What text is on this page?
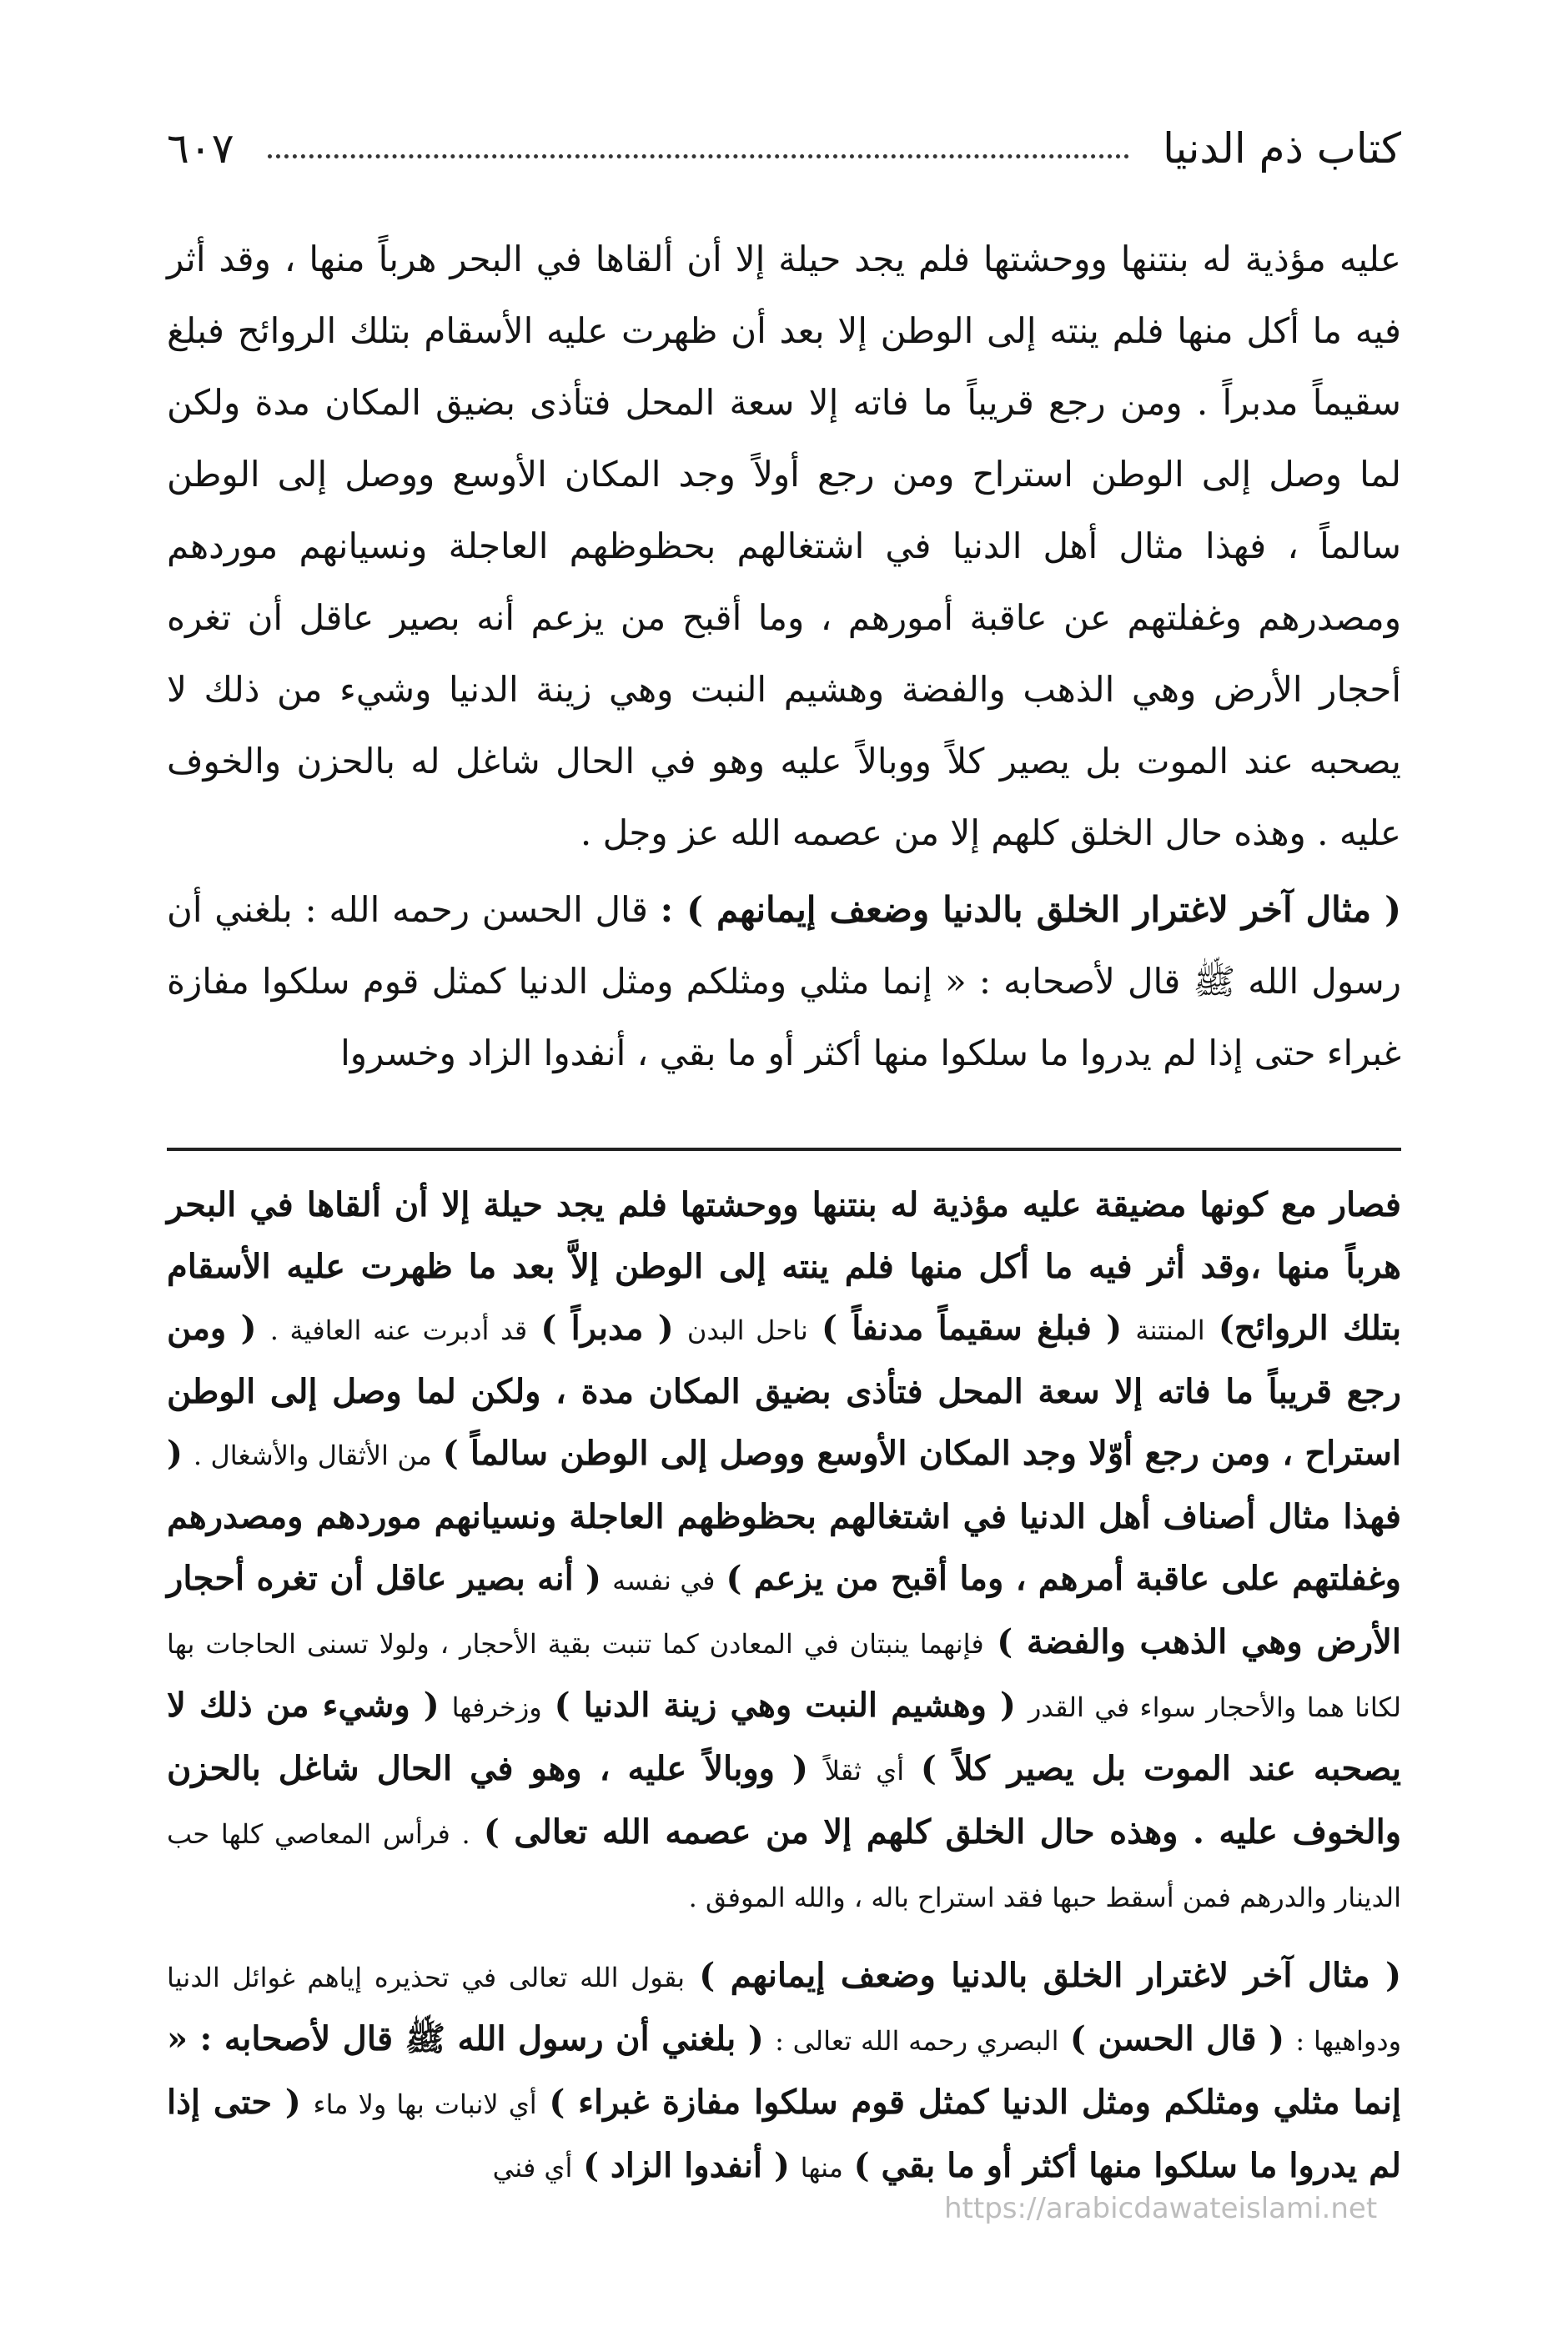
كتاب ذم الدنيا
٦٠٧

عليه مؤذية له بنتنها ووحشتها فلم يجد حيلة إلا أن ألقاها في البحر هرباً منها ، وقد أثر فيه ما أكل منها فلم ينته إلى الوطن إلا بعد أن ظهرت عليه الأسقام بتلك الروائح فبلغ سقيماً مدبراً . ومن رجع قريباً ما فاته إلا سعة المحل فتأذى بضيق المكان مدة ولكن لما وصل إلى الوطن استراح ومن رجع أولاً وجد المكان الأوسع ووصل إلى الوطن سالماً ، فهذا مثال أهل الدنيا في اشتغالهم بحظوظهم العاجلة ونسيانهم موردهم ومصدرهم وغفلتهم عن عاقبة أمورهم ، وما أقبح من يزعم أنه بصير عاقل أن تغره أحجار الأرض وهي الذهب والفضة وهشيم النبت وهي زينة الدنيا وشيء من ذلك لا يصحبه عند الموت بل يصير كلاً ووبالاً عليه وهو في الحال شاغل له بالحزن والخوف عليه . وهذه حال الخلق كلهم إلا من عصمه الله عز وجل .

( مثال آخر لاغترار الخلق بالدنيا وضعف إيمانهم ) : قال الحسن رحمه الله : بلغني أن رسول الله ﷺ قال لأصحابه : « إنما مثلي ومثلكم ومثل الدنيا كمثل قوم سلكوا مفازة غبراء حتى إذا لم يدروا ما سلكوا منها أكثر أو ما بقي ، أنفدوا الزاد وخسروا

فصار مع كونها مضيقة عليه مؤذية له بنتنها ووحشتها فلم يجد حيلة إلا أن ألقاها في البحر هرباً منها ،وقد أثر فيه ما أكل منها فلم ينته إلى الوطن إلاَّ بعد ما ظهرت عليه الأسقام بتلك الروائح) المنتنة ( فبلغ سقيماً مدنفاً ) ناحل البدن ( مدبراً ) قد أدبرت عنه العافية . ( ومن رجع قريباً ما فاته إلا سعة المحل فتأذى بضيق المكان مدة ، ولكن لما وصل إلى الوطن استراح ، ومن رجع أوّلا وجد المكان الأوسع ووصل إلى الوطن سالماً ) من الأثقال والأشغال . ( فهذا مثال أصناف أهل الدنيا في اشتغالهم بحظوظهم العاجلة ونسيانهم موردهم ومصدرهم وغفلتهم على عاقبة أمرهم ، وما أقبح من يزعم ) في نفسه ( أنه بصير عاقل أن تغره أحجار الأرض وهي الذهب والفضة ) فإنهما ينبتان في المعادن كما تنبت بقية الأحجار ، ولولا تسنى الحاجات بها لكانا هما والأحجار سواء في القدر ( وهشيم النبت وهي زينة الدنيا ) وزخرفها ( وشيء من ذلك لا يصحبه عند الموت بل يصير كلاً ) أي ثقلاً ( ووبالاً عليه ، وهو في الحال شاغل بالحزن والخوف عليه . وهذه حال الخلق كلهم إلا من عصمه الله تعالى ) . فرأس المعاصي كلها حب الدينار والدرهم فمن أسقط حبها فقد استراح باله ، والله الموفق .

( مثال آخر لاغترار الخلق بالدنيا وضعف إيمانهم ) بقول الله تعالى في تحذيره إياهم غوائل الدنيا ودواهيها : ( قال الحسن ) البصري رحمه الله تعالى : ( بلغني أن رسول الله ﷺ قال لأصحابه : « إنما مثلي ومثلكم ومثل الدنيا كمثل قوم سلكوا مفازة غبراء ) أي لانبات بها ولا ماء ( حتى إذا لم يدروا ما سلكوا منها أكثر أو ما بقي ) منها ( أنفدوا الزاد ) أي فني

https://arabicdawateislami.net
